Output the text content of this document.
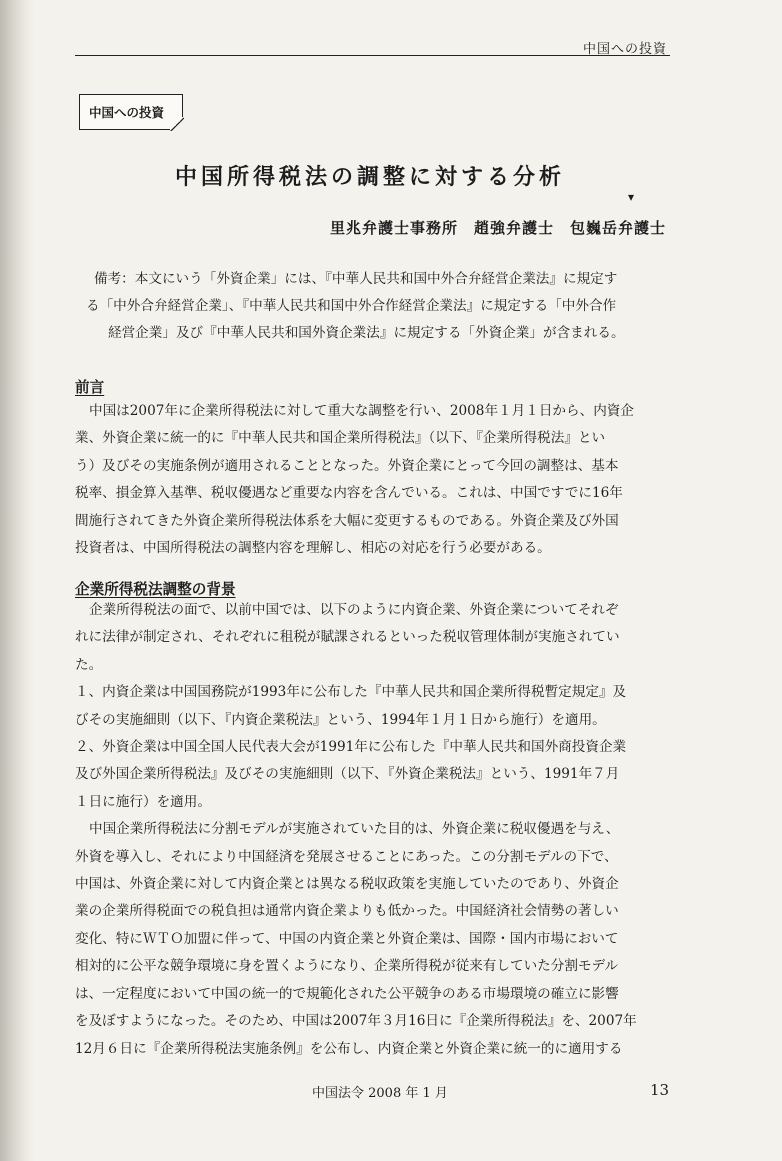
中国への投資
中国への投資
中国所得税法の調整に対する分析
▾
里兆弁護士事務所　趙強弁護士　包巍岳弁護士
備考：本文にいう「外資企業」には、『中華人民共和国中外合弁経営企業法』に規定す
る「中外合弁経営企業」、『中華人民共和国中外合作経営企業法』に規定する「中外合作
経営企業」及び『中華人民共和国外資企業法』に規定する「外資企業」が含まれる。
前言
中国は2007年に企業所得税法に対して重大な調整を行い、2008年１月１日から、内資企
業、外資企業に統一的に『中華人民共和国企業所得税法』（以下、『企業所得税法』とい
う）及びその実施条例が適用されることとなった。外資企業にとって今回の調整は、基本
税率、損金算入基準、税収優遇など重要な内容を含んでいる。これは、中国ですでに16年
間施行されてきた外資企業所得税法体系を大幅に変更するものである。外資企業及び外国
投資者は、中国所得税法の調整内容を理解し、相応の対応を行う必要がある。
企業所得税法調整の背景
企業所得税法の面で、以前中国では、以下のように内資企業、外資企業についてそれぞ
れに法律が制定され、それぞれに租税が賦課されるといった税収管理体制が実施されてい
た。
１、内資企業は中国国務院が1993年に公布した『中華人民共和国企業所得税暫定規定』及
びその実施細則（以下、『内資企業税法』という、1994年１月１日から施行）を適用。
２、外資企業は中国全国人民代表大会が1991年に公布した『中華人民共和国外商投資企業
及び外国企業所得税法』及びその実施細則（以下、『外資企業税法』という、1991年７月
１日に施行）を適用。
中国企業所得税法に分割モデルが実施されていた目的は、外資企業に税収優遇を与え、
外資を導入し、それにより中国経済を発展させることにあった。この分割モデルの下で、
中国は、外資企業に対して内資企業とは異なる税収政策を実施していたのであり、外資企
業の企業所得税面での税負担は通常内資企業よりも低かった。中国経済社会情勢の著しい
変化、特にＷＴＯ加盟に伴って、中国の内資企業と外資企業は、国際・国内市場において
相対的に公平な競争環境に身を置くようになり、企業所得税が従来有していた分割モデル
は、一定程度において中国の統一的で規範化された公平競争のある市場環境の確立に影響
を及ぼすようになった。そのため、中国は2007年３月16日に『企業所得税法』を、2007年
12月６日に『企業所得税法実施条例』を公布し、内資企業と外資企業に統一的に適用する
中国法令 2008 年 1 月	13
